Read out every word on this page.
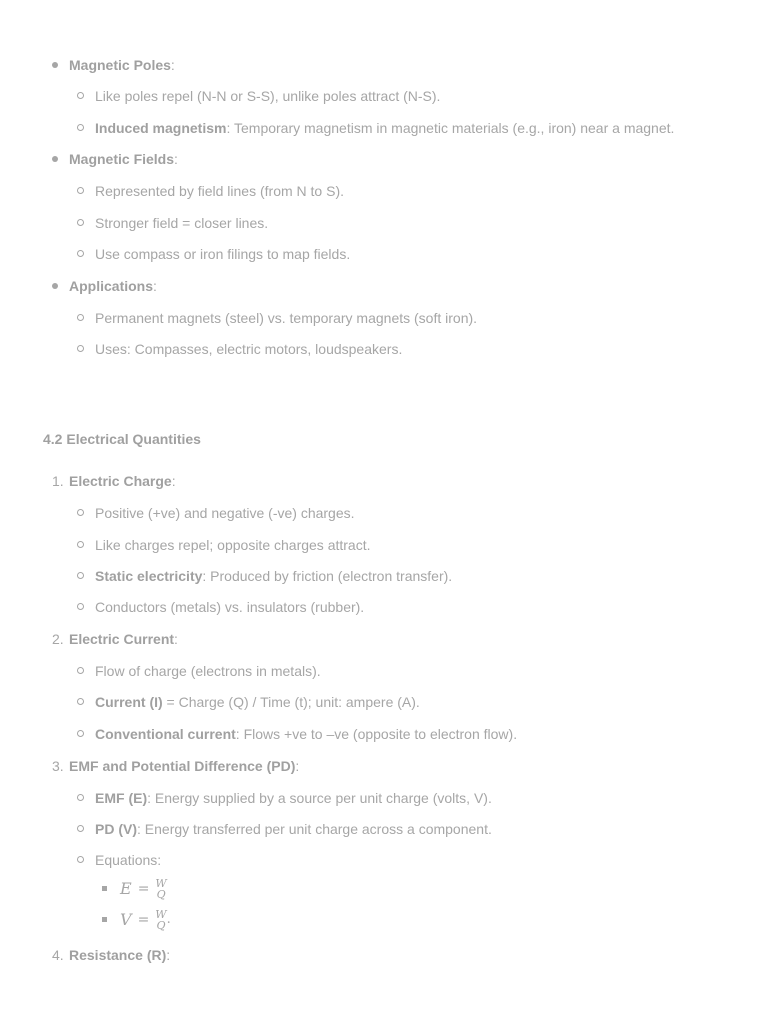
Magnetic Poles:
Like poles repel (N-N or S-S), unlike poles attract (N-S).
Induced magnetism: Temporary magnetism in magnetic materials (e.g., iron) near a magnet.
Magnetic Fields:
Represented by field lines (from N to S).
Stronger field = closer lines.
Use compass or iron filings to map fields.
Applications:
Permanent magnets (steel) vs. temporary magnets (soft iron).
Uses: Compasses, electric motors, loudspeakers.
4.2 Electrical Quantities
1. Electric Charge:
Positive (+ve) and negative (-ve) charges.
Like charges repel; opposite charges attract.
Static electricity: Produced by friction (electron transfer).
Conductors (metals) vs. insulators (rubber).
2. Electric Current:
Flow of charge (electrons in metals).
Current (I) = Charge (Q) / Time (t); unit: ampere (A).
Conventional current: Flows +ve to –ve (opposite to electron flow).
3. EMF and Potential Difference (PD):
EMF (E): Energy supplied by a source per unit charge (volts, V).
PD (V): Energy transferred per unit charge across a component.
Equations:
E = W
Q
V = W
Q .
4. Resistance (R):
